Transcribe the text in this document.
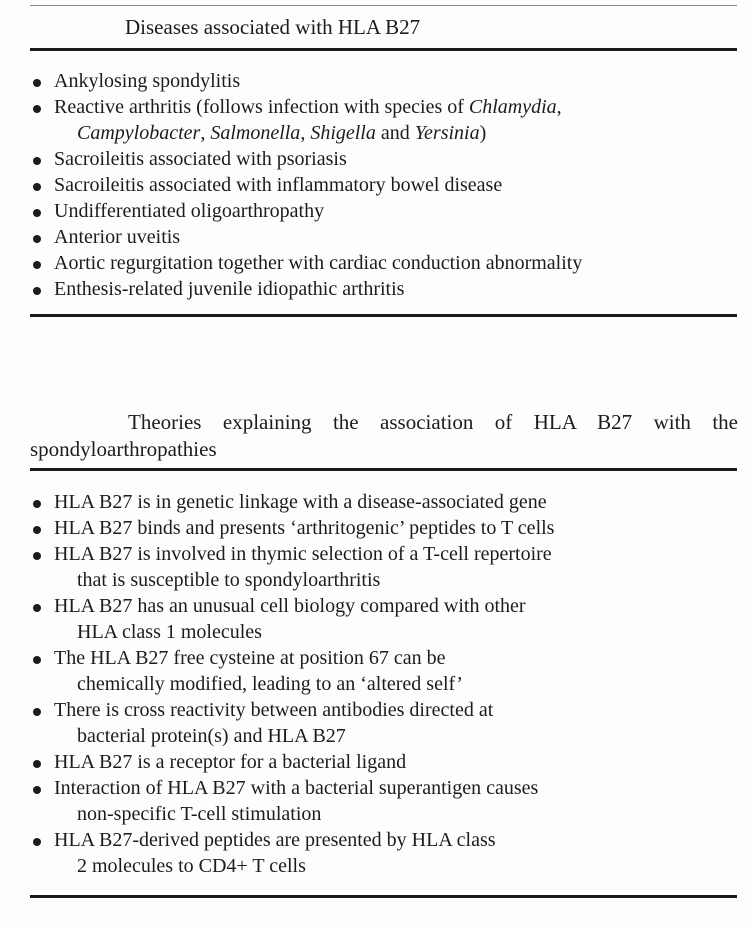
Diseases associated with HLA B27
Ankylosing spondylitis
Reactive arthritis (follows infection with species of Chlamydia,
Campylobacter, Salmonella, Shigella and Yersinia)
Sacroileitis associated with psoriasis
Sacroileitis associated with inflammatory bowel disease
Undifferentiated oligoarthropathy
Anterior uveitis
Aortic regurgitation together with cardiac conduction abnormality
Enthesis-related juvenile idiopathic arthritis
Theories explaining the association of HLA B27 with the
spondyloarthropathies
HLA B27 is in genetic linkage with a disease-associated gene
HLA B27 binds and presents ‘arthritogenic’ peptides to T cells
HLA B27 is involved in thymic selection of a T-cell repertoire
that is susceptible to spondyloarthritis
HLA B27 has an unusual cell biology compared with other
HLA class 1 molecules
The HLA B27 free cysteine at position 67 can be
chemically modified, leading to an ‘altered self’
There is cross reactivity between antibodies directed at
bacterial protein(s) and HLA B27
HLA B27 is a receptor for a bacterial ligand
Interaction of HLA B27 with a bacterial superantigen causes
non-specific T-cell stimulation
HLA B27-derived peptides are presented by HLA class
2 molecules to CD4+ T cells
